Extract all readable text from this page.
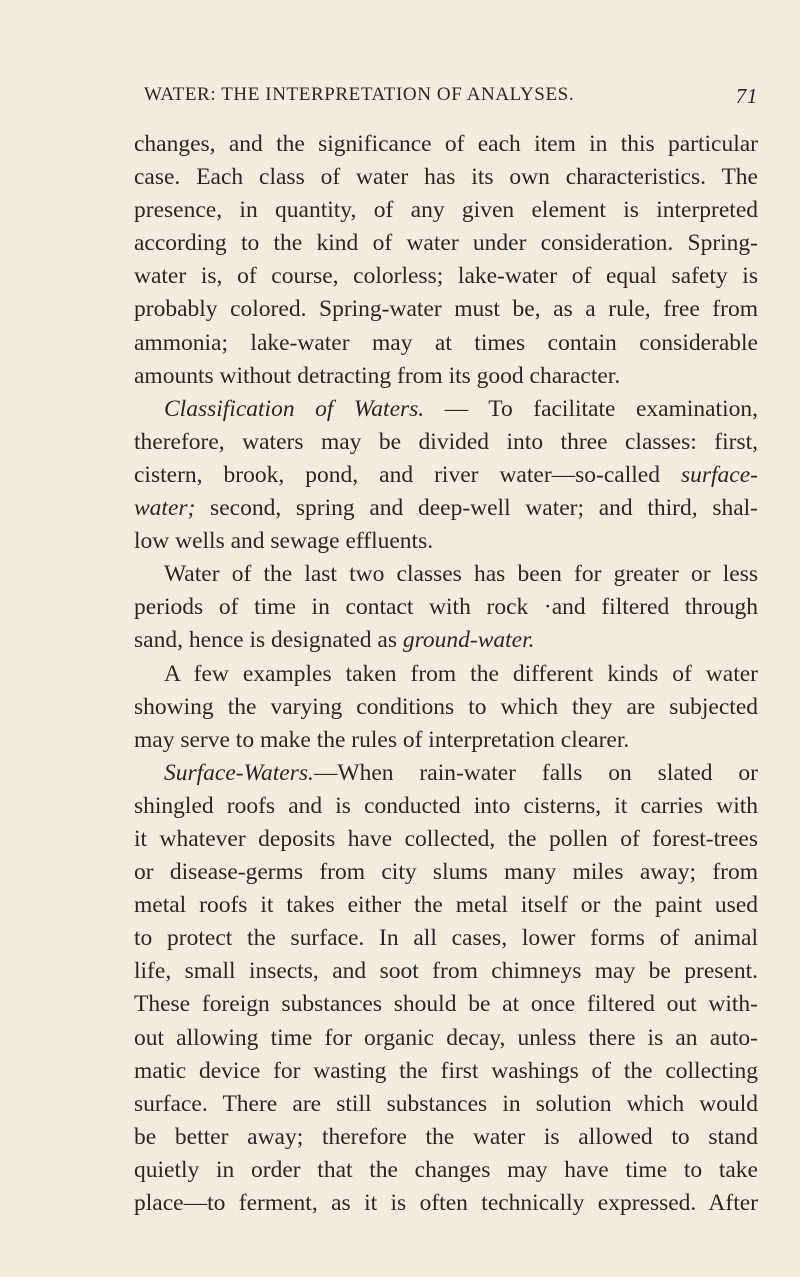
WATER: THE INTERPRETATION OF ANALYSES.	71
changes, and the significance of each item in this particular
case. Each class of water has its own characteristics. The
presence, in quantity, of any given element is interpreted
according to the kind of water under consideration. Spring-
water is, of course, colorless; lake-water of equal safety is
probably colored. Spring-water must be, as a rule, free from
ammonia; lake-water may at times contain considerable
amounts without detracting from its good character.
Classification of Waters. — To facilitate examination,
therefore, waters may be divided into three classes: first,
cistern, brook, pond, and river water—so-called surface-
water; second, spring and deep-well water; and third, shal-
low wells and sewage effluents.
Water of the last two classes has been for greater or less
periods of time in contact with rock ·and filtered through
sand, hence is designated as ground-water.
A few examples taken from the different kinds of water
showing the varying conditions to which they are subjected
may serve to make the rules of interpretation clearer.
Surface-Waters.—When rain-water falls on slated or
shingled roofs and is conducted into cisterns, it carries with
it whatever deposits have collected, the pollen of forest-trees
or disease-germs from city slums many miles away; from
metal roofs it takes either the metal itself or the paint used
to protect the surface. In all cases, lower forms of animal
life, small insects, and soot from chimneys may be present.
These foreign substances should be at once filtered out with-
out allowing time for organic decay, unless there is an auto-
matic device for wasting the first washings of the collecting
surface. There are still substances in solution which would
be better away; therefore the water is allowed to stand
quietly in order that the changes may have time to take
place—to ferment, as it is often technically expressed. After
